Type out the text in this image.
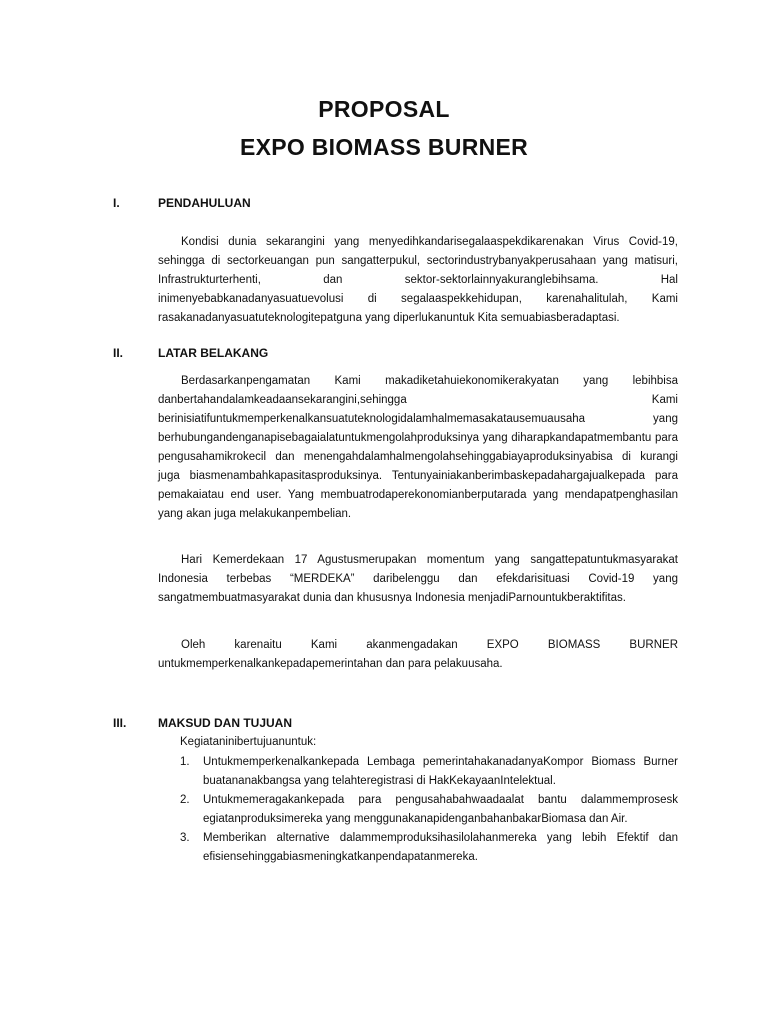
PROPOSAL
EXPO BIOMASS BURNER
I.	PENDAHULUAN

Kondisi dunia sekarangini yang menyedihkandarisegalaaspekdikarenakan Virus Covid-19, sehingga di sectorkeuangan pun sangatterpukul, sectorindustrybanyakperusahaan yang matisuri, Infrastrukturterhenti, dan sektor-sektorlainnyakuranglebihsama. Hal inimenyebabkanadanyasuatuevolusi di segalaaspekkehidupan, karenahalitulah, Kami rasakanadanyasuatuteknologitepatguna yang diperlukanuntuk Kita semuabiasberadaptasi.

II.	LATAR BELAKANG

Berdasarkanpengamatan Kami makadiketahuiekonomikerakyatan yang lebihbisa danbertahandalamkeadaansekarangini,sehingga Kami berinisiatifuntukmemperkenalkansuatuteknologidalamhalmemasakatausemuausaha yang berhubungandenganapisebagaialatuntukmengolahproduksinya yang diharapkandapatmembantu para pengusahamikrokecil dan menengahdalamhalmengolahsehinggabiayaproduksinyabisa di kurangi juga biasmenambahkapasitasproduksinya. Tentunyainiakanberimbaskepadahargajualkepada para pemakaiatau end user. Yang membuatrodaperekonomianberputarada yang mendapatpenghasilan yang akan juga melakukanpembelian.

Hari Kemerdekaan 17 Agustusmerupakan momentum yang sangattepatuntukmasyarakat Indonesia terbebas “MERDEKA” daribelenggu dan efekdarisituasi Covid-19 yang sangatmembuatmasyarakat dunia dan khususnya Indonesia menjadiParnountukberaktifitas.

Oleh karenaitu Kami akanmengadakan EXPO BIOMASS BURNER untukmemperkenalkankepadapemerintahan dan para pelakuusaha.

III.	MAKSUD DAN TUJUAN
Kegiataninibertujuanuntuk:
1. Untukmemperkenalkankepada Lembaga pemerintahakanadanyaKompor Biomass Burner buatananakbangsa yang telahteregistrasi di HakKekayaanIntelektual.
2. Untukmemeragakankepada para pengusahabahwaadaalat bantu dalammemprosesk egiatanproduksimereka yang menggunakanapidenganbahanbakarBiomasa dan Air.
3. Memberikan alternative dalammemproduksihasilolahanmereka yang lebih Efektif dan efisiensehinggabiasmeningkatkanpendapatanmereka.
